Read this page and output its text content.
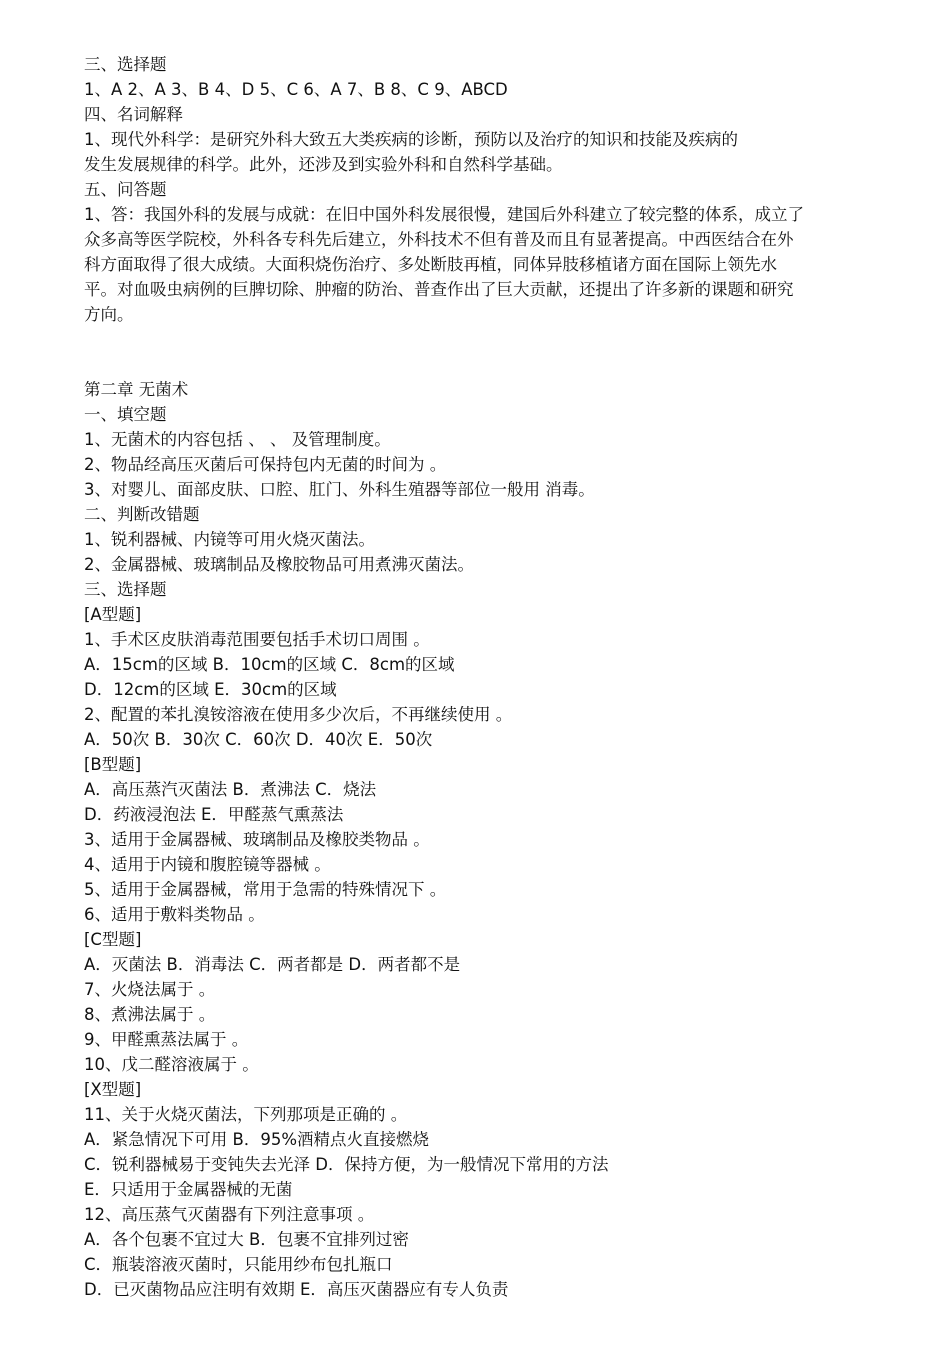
三、选择题
1、A 2、A 3、B 4、D 5、C 6、A 7、B 8、C 9、ABCD
四、名词解释
1、现代外科学：是研究外科大致五大类疾病的诊断，预防以及治疗的知识和技能及疾病的
发生发展规律的科学。此外，还涉及到实验外科和自然科学基础。
五、问答题
1、答：我国外科的发展与成就：在旧中国外科发展很慢，建国后外科建立了较完整的体系，成立了
众多高等医学院校，外科各专科先后建立，外科技术不但有普及而且有显著提高。中西医结合在外
科方面取得了很大成绩。大面积烧伤治疗、多处断肢再植，同体异肢移植诸方面在国际上领先水
平。对血吸虫病例的巨脾切除、肿瘤的防治、普查作出了巨大贡献，还提出了许多新的课题和研究
方向。
第二章 无菌术
一、填空题
1、无菌术的内容包括 、 、 及管理制度。
2、物品经高压灭菌后可保持包内无菌的时间为 。
3、对婴儿、面部皮肤、口腔、肛门、外科生殖器等部位一般用 消毒。
二、判断改错题
1、锐利器械、内镜等可用火烧灭菌法。
2、金属器械、玻璃制品及橡胶物品可用煮沸灭菌法。
三、选择题
[A型题]
1、手术区皮肤消毒范围要包括手术切口周围 。
A．15cm的区域 B．10cm的区域 C．8cm的区域
D．12cm的区域 E．30cm的区域
2、配置的苯扎溴铵溶液在使用多少次后，不再继续使用 。
A．50次 B．30次 C．60次 D．40次 E．50次
[B型题]
A．高压蒸汽灭菌法 B．煮沸法 C．烧法
D．药液浸泡法 E．甲醛蒸气熏蒸法
3、适用于金属器械、玻璃制品及橡胶类物品 。
4、适用于内镜和腹腔镜等器械 。
5、适用于金属器械，常用于急需的特殊情况下 。
6、适用于敷料类物品 。
[C型题]
A．灭菌法 B．消毒法 C．两者都是 D．两者都不是
7、火烧法属于 。
8、煮沸法属于 。
9、甲醛熏蒸法属于 。
10、戊二醛溶液属于 。
[X型题]
11、关于火烧灭菌法，下列那项是正确的 。
A．紧急情况下可用 B．95%酒精点火直接燃烧
C．锐利器械易于变钝失去光泽 D．保持方便，为一般情况下常用的方法
E．只适用于金属器械的无菌
12、高压蒸气灭菌器有下列注意事项 。
A．各个包裹不宜过大 B．包裹不宜排列过密
C．瓶装溶液灭菌时，只能用纱布包扎瓶口
D．已灭菌物品应注明有效期 E．高压灭菌器应有专人负责
